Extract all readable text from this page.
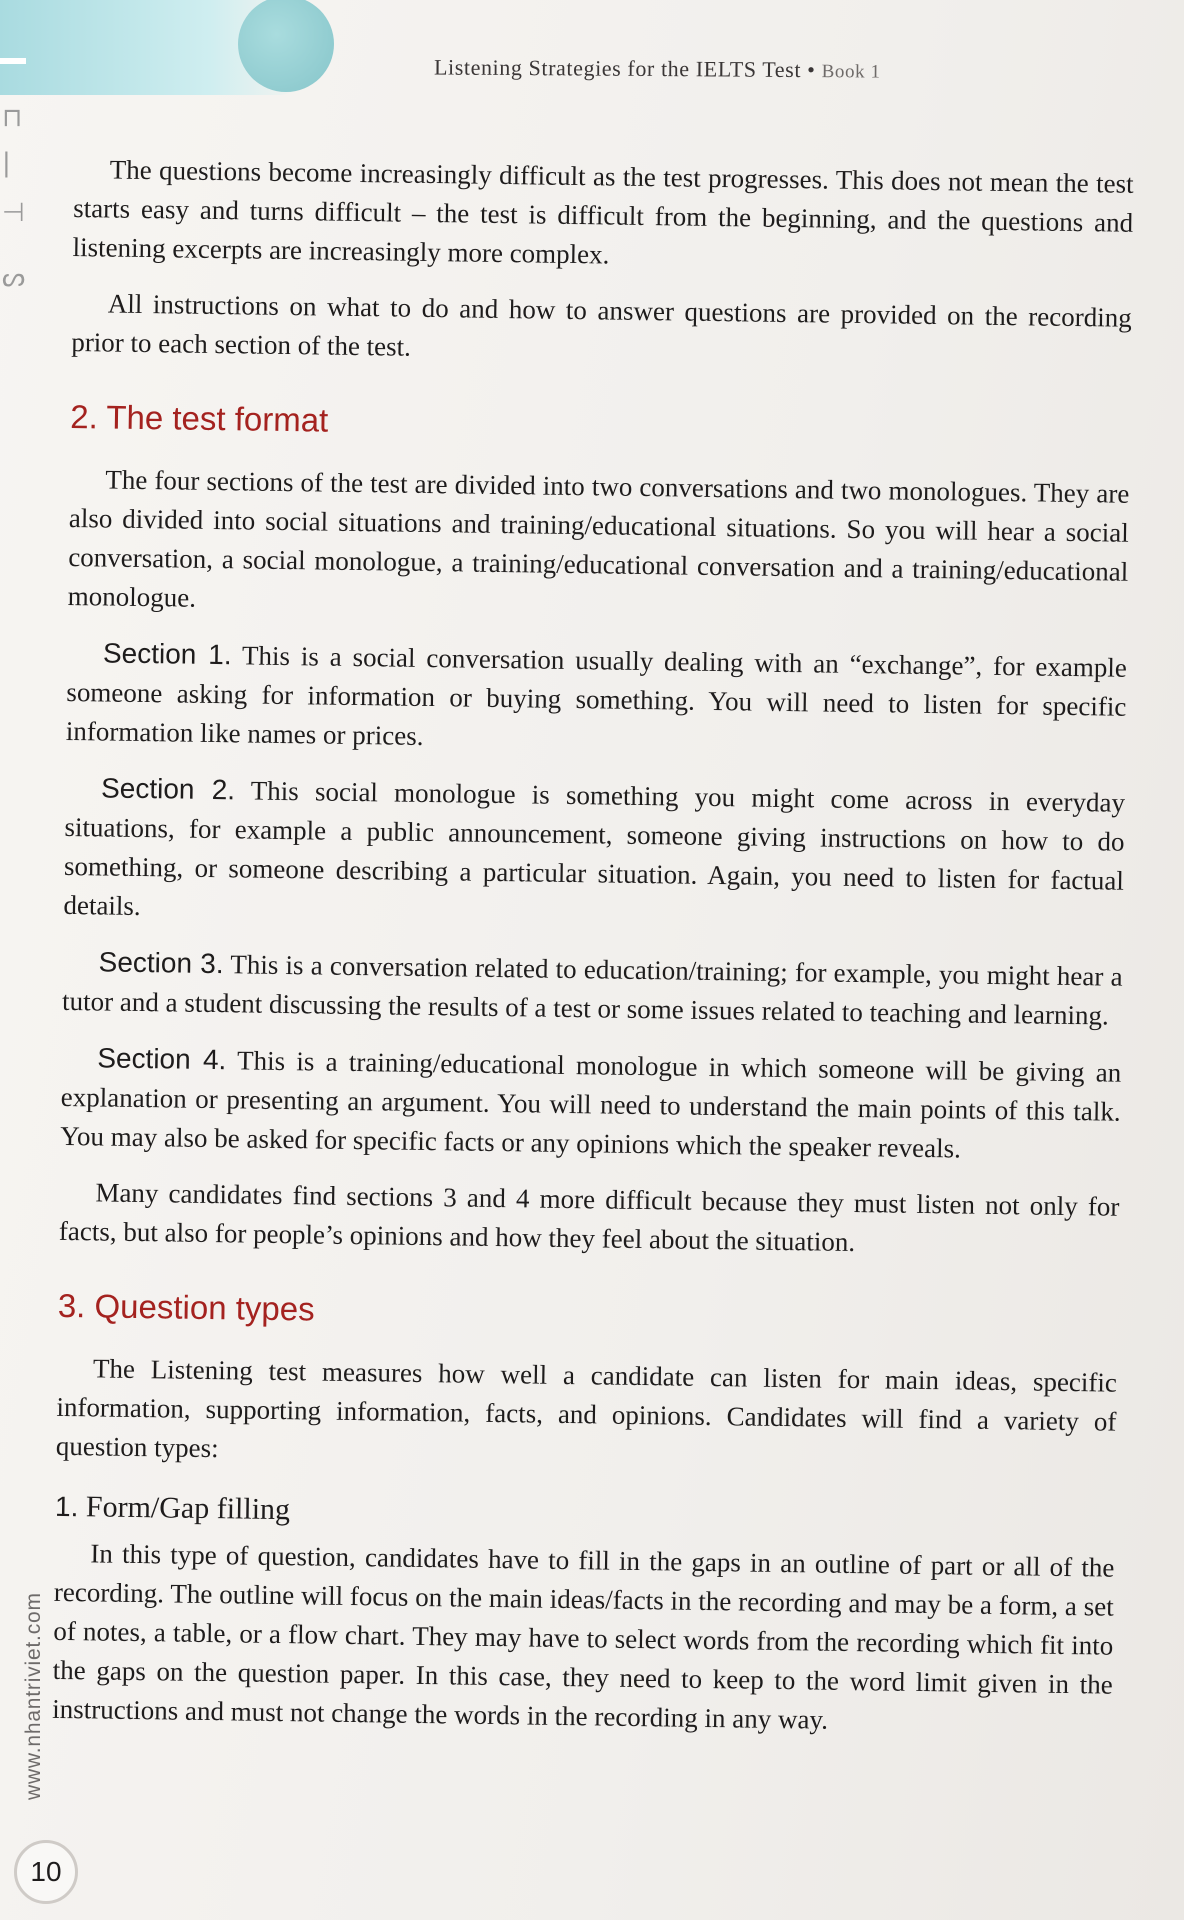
⊓
|
⊣
ᔕ
Listening Strategies for the IELTS Test • Book 1

The questions become increasingly difficult as the test progresses. This does not mean the test starts easy and turns difficult – the test is difficult from the beginning, and the questions and listening excerpts are increasingly more complex.

All instructions on what to do and how to answer questions are provided on the recording prior to each section of the test.

2. The test format

The four sections of the test are divided into two conversations and two monologues. They are also divided into social situations and training/educational situations. So you will hear a social conversation, a social monologue, a training/educational conversation and a training/educational monologue.

Section 1. This is a social conversation usually dealing with an “exchange”, for example someone asking for information or buying something. You will need to listen for specific information like names or prices.

Section 2. This social monologue is something you might come across in everyday situations, for example a public announcement, someone giving instructions on how to do something, or someone describing a particular situation. Again, you need to listen for factual details.

Section 3. This is a conversation related to education/training; for example, you might hear a tutor and a student discussing the results of a test or some issues related to teaching and learning.

Section 4. This is a training/educational monologue in which someone will be giving an explanation or presenting an argument. You will need to understand the main points of this talk. You may also be asked for specific facts or any opinions which the speaker reveals.

Many candidates find sections 3 and 4 more difficult because they must listen not only for facts, but also for people’s opinions and how they feel about the situation.

3. Question types

The Listening test measures how well a candidate can listen for main ideas, specific information, supporting information, facts, and opinions. Candidates will find a variety of question types:

1. Form/Gap filling

In this type of question, candidates have to fill in the gaps in an outline of part or all of the recording. The outline will focus on the main ideas/facts in the recording and may be a form, a set of notes, a table, or a flow chart. They may have to select words from the recording which fit into the gaps on the question paper. In this case, they need to keep to the word limit given in the instructions and must not change the words in the recording in any way.

www.nhantriviet.com
10
